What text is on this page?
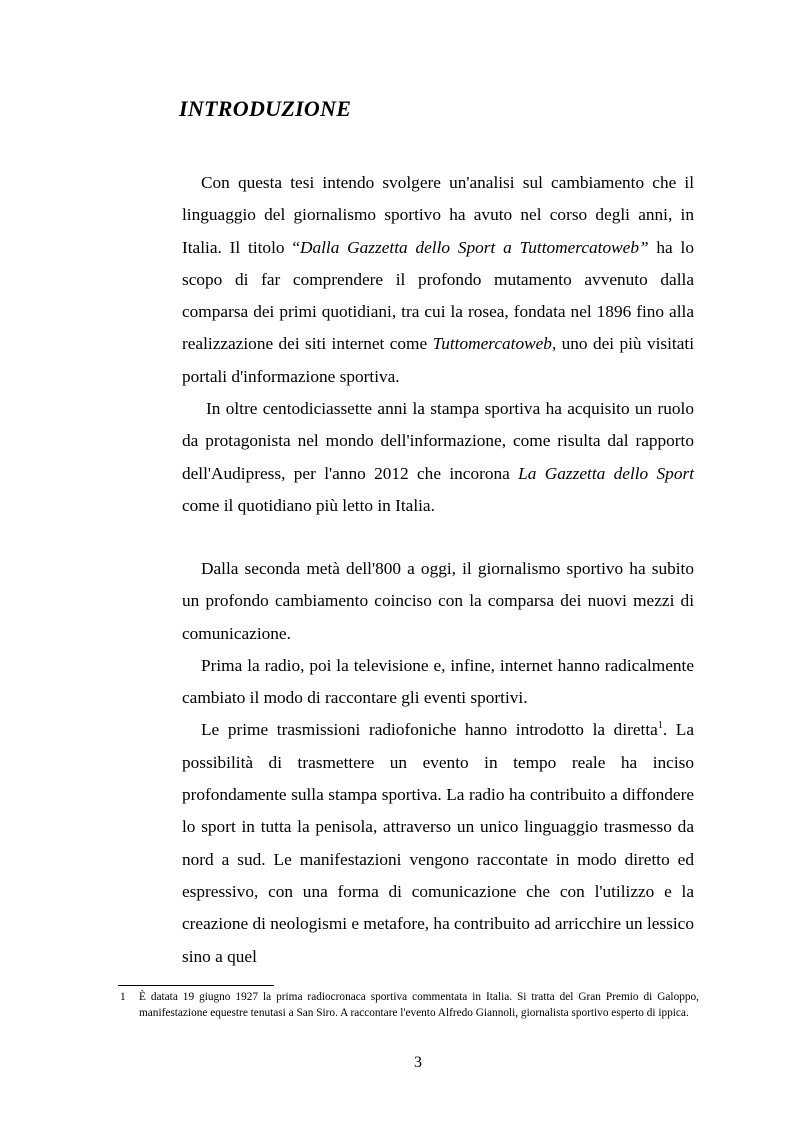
INTRODUZIONE

Con questa tesi intendo svolgere un'analisi sul cambiamento che il linguaggio del giornalismo sportivo ha avuto nel corso degli anni, in Italia. Il titolo “Dalla Gazzetta dello Sport a Tuttomercatoweb” ha lo scopo di far comprendere il profondo mutamento avvenuto dalla comparsa dei primi quotidiani, tra cui la rosea, fondata nel 1896 fino alla realizzazione dei siti internet come Tuttomercatoweb, uno dei più visitati portali d'informazione sportiva.

In oltre centodiciassette anni la stampa sportiva ha acquisito un ruolo da protagonista nel mondo dell'informazione, come risulta dal rapporto dell'Audipress, per l'anno 2012 che incorona La Gazzetta dello Sport come il quotidiano più letto in Italia.

Dalla seconda metà dell'800 a oggi, il giornalismo sportivo ha subito un profondo cambiamento coinciso con la comparsa dei nuovi mezzi di comunicazione.

Prima la radio, poi la televisione e, infine, internet hanno radicalmente cambiato il modo di raccontare gli eventi sportivi.

Le prime trasmissioni radiofoniche hanno introdotto la diretta$^1$. La possibilità di trasmettere un evento in tempo reale ha inciso profondamente sulla stampa sportiva. La radio ha contribuito a diffondere lo sport in tutta la penisola, attraverso un unico linguaggio trasmesso da nord a sud. Le manifestazioni vengono raccontate in modo diretto ed espressivo, con una forma di comunicazione che con l'utilizzo e la creazione di neologismi e metafore, ha contribuito ad arricchire un lessico sino a quel

1 È datata 19 giugno 1927 la prima radiocronaca sportiva commentata in Italia. Si tratta del Gran Premio di Galoppo, manifestazione equestre tenutasi a San Siro. A raccontare l'evento Alfredo Giannoli, giornalista sportivo esperto di ippica.
3
